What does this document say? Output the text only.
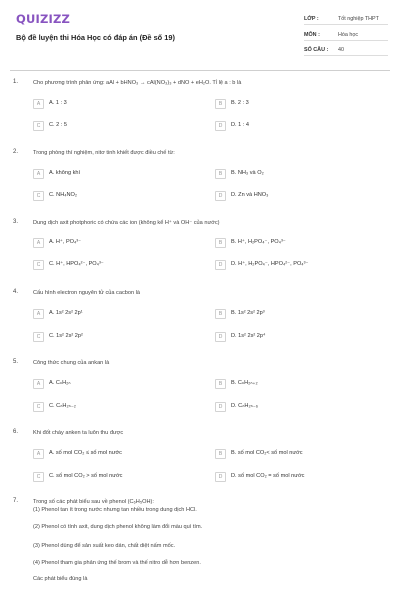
QUIZIZZ
Bộ đề luyện thi Hóa Học có đáp án (Đề số 19)
LỚP :	Tốt nghiệp THPT
MÔN :	Hóa học
SỐ CÂU : 40
1.	Cho phương trình phản ứng: aAl + bHNO₃ → cAl(NO₃)₃ + dNO + eH₂O. Tỉ lệ a : b là
A	A. 1 : 3	B	B. 2 : 3
C	C. 2 : 5	D	D. 1 : 4
2.	Trong phòng thí nghiệm, nitơ tinh khiết được điều chế từ:
A	A. không khí	B	B. NH₃ và O₂
C	C. NH₄NO₂	D	D. Zn và HNO₃
3.	Dung dịch axit photphoric có chứa các ion (không kể H⁺ và OH⁻ của nước)
A	A. H⁺, PO₄³⁻	B	B. H⁺, H₂PO₄⁻, PO₄³⁻
C	C. H⁺, HPO₄²⁻, PO₄³⁻	D	D. H⁺, H₂PO₄⁻, HPO₄²⁻, PO₄³⁻
4.	Cấu hình electron nguyên tử của cacbon là
A	A. 1s² 2s² 2p¹	B	B. 1s² 2s² 2p³
C	C. 1s² 2s² 2p²	D	D. 1s² 2s² 2p⁴
5.	Công thức chung của ankan là
A	A. CₙH₂ₙ	B	B. CₙH₂ₙ₊₂
C	C. CₙH₂ₙ₋₂	D	D. CₙH₂ₙ₋₆
6.	Khi đốt cháy anken ta luôn thu được
A	A. số mol CO₂ ≤ số mol nước	B	B. số mol CO₂< số mol nước
C	C. số mol CO₂ > số mol nước	D	D. số mol CO₂ = số mol nước
7.	Trong số các phát biểu sau về phenol (C₆H₅OH):
(1) Phenol tan ít trong nước nhưng tan nhiều trong dung dịch HCl.
(2) Phenol có tính axit, dung dịch phenol không làm đổi màu quì tím.
(3) Phenol dùng để sản xuất keo dán, chất diệt nấm mốc.
(4) Phenol tham gia phản ứng thế brom và thế nitro dễ hơn benzen.
Các phát biểu đúng là
